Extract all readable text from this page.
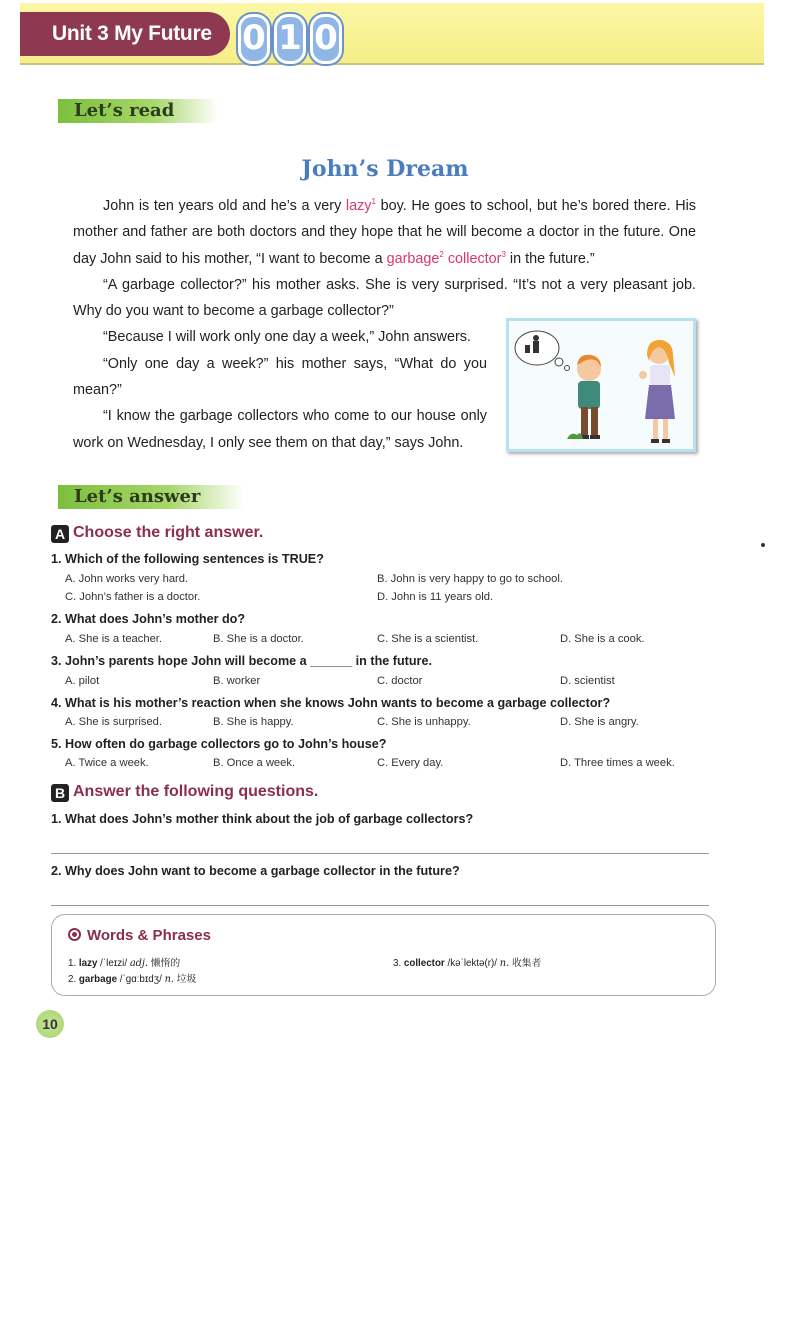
Unit 3 My Future 0 1 0
Let’s read
John’s Dream

John is ten years old and he’s a very lazy$^1$ boy. He goes to school, but he’s bored there. His mother and father are both doctors and they hope that he will become a doctor in the future. One day John said to his mother, “I want to become a garbage$^2$ collector$^3$ in the future.”

“A garbage collector?” his mother asks. She is very surprised. “It’s not a very pleasant job. Why do you want to become a garbage collector?”

“Because I will work only one day a week,” John answers.

“Only one day a week?” his mother says, “What do you mean?”

“I know the garbage collectors who come to our house only work on Wednesday, I only see them on that day,” says John.

Let’s answer
A Choose the right answer.
1. Which of the following sentences is TRUE?
A. John works very hard.	B. John is very happy to go to school.
C. John’s father is a doctor.	D. John is 11 years old.
2. What does John’s mother do?
A. She is a teacher.	B. She is a doctor.	C. She is a scientist.	D. She is a cook.
3. John’s parents hope John will become a ______ in the future.
A. pilot	B. worker	C. doctor	D. scientist
4. What is his mother’s reaction when she knows John wants to become a garbage collector?
A. She is surprised.	B. She is happy.	C. She is unhappy.	D. She is angry.
5. How often do garbage collectors go to John’s house?
A. Twice a week.	B. Once a week.	C. Every day.	D. Three times a week.
B Answer the following questions.
1. What does John’s mother think about the job of garbage collectors?
2. Why does John want to become a garbage collector in the future?
Words & Phrases
1. lazy /ˈleɪzi/ adj. 懒惰的
2. garbage /ˈɡɑːbɪdʒ/ n. 垃圾
3. collector /kəˈlektə(r)/ n. 收集者
10
